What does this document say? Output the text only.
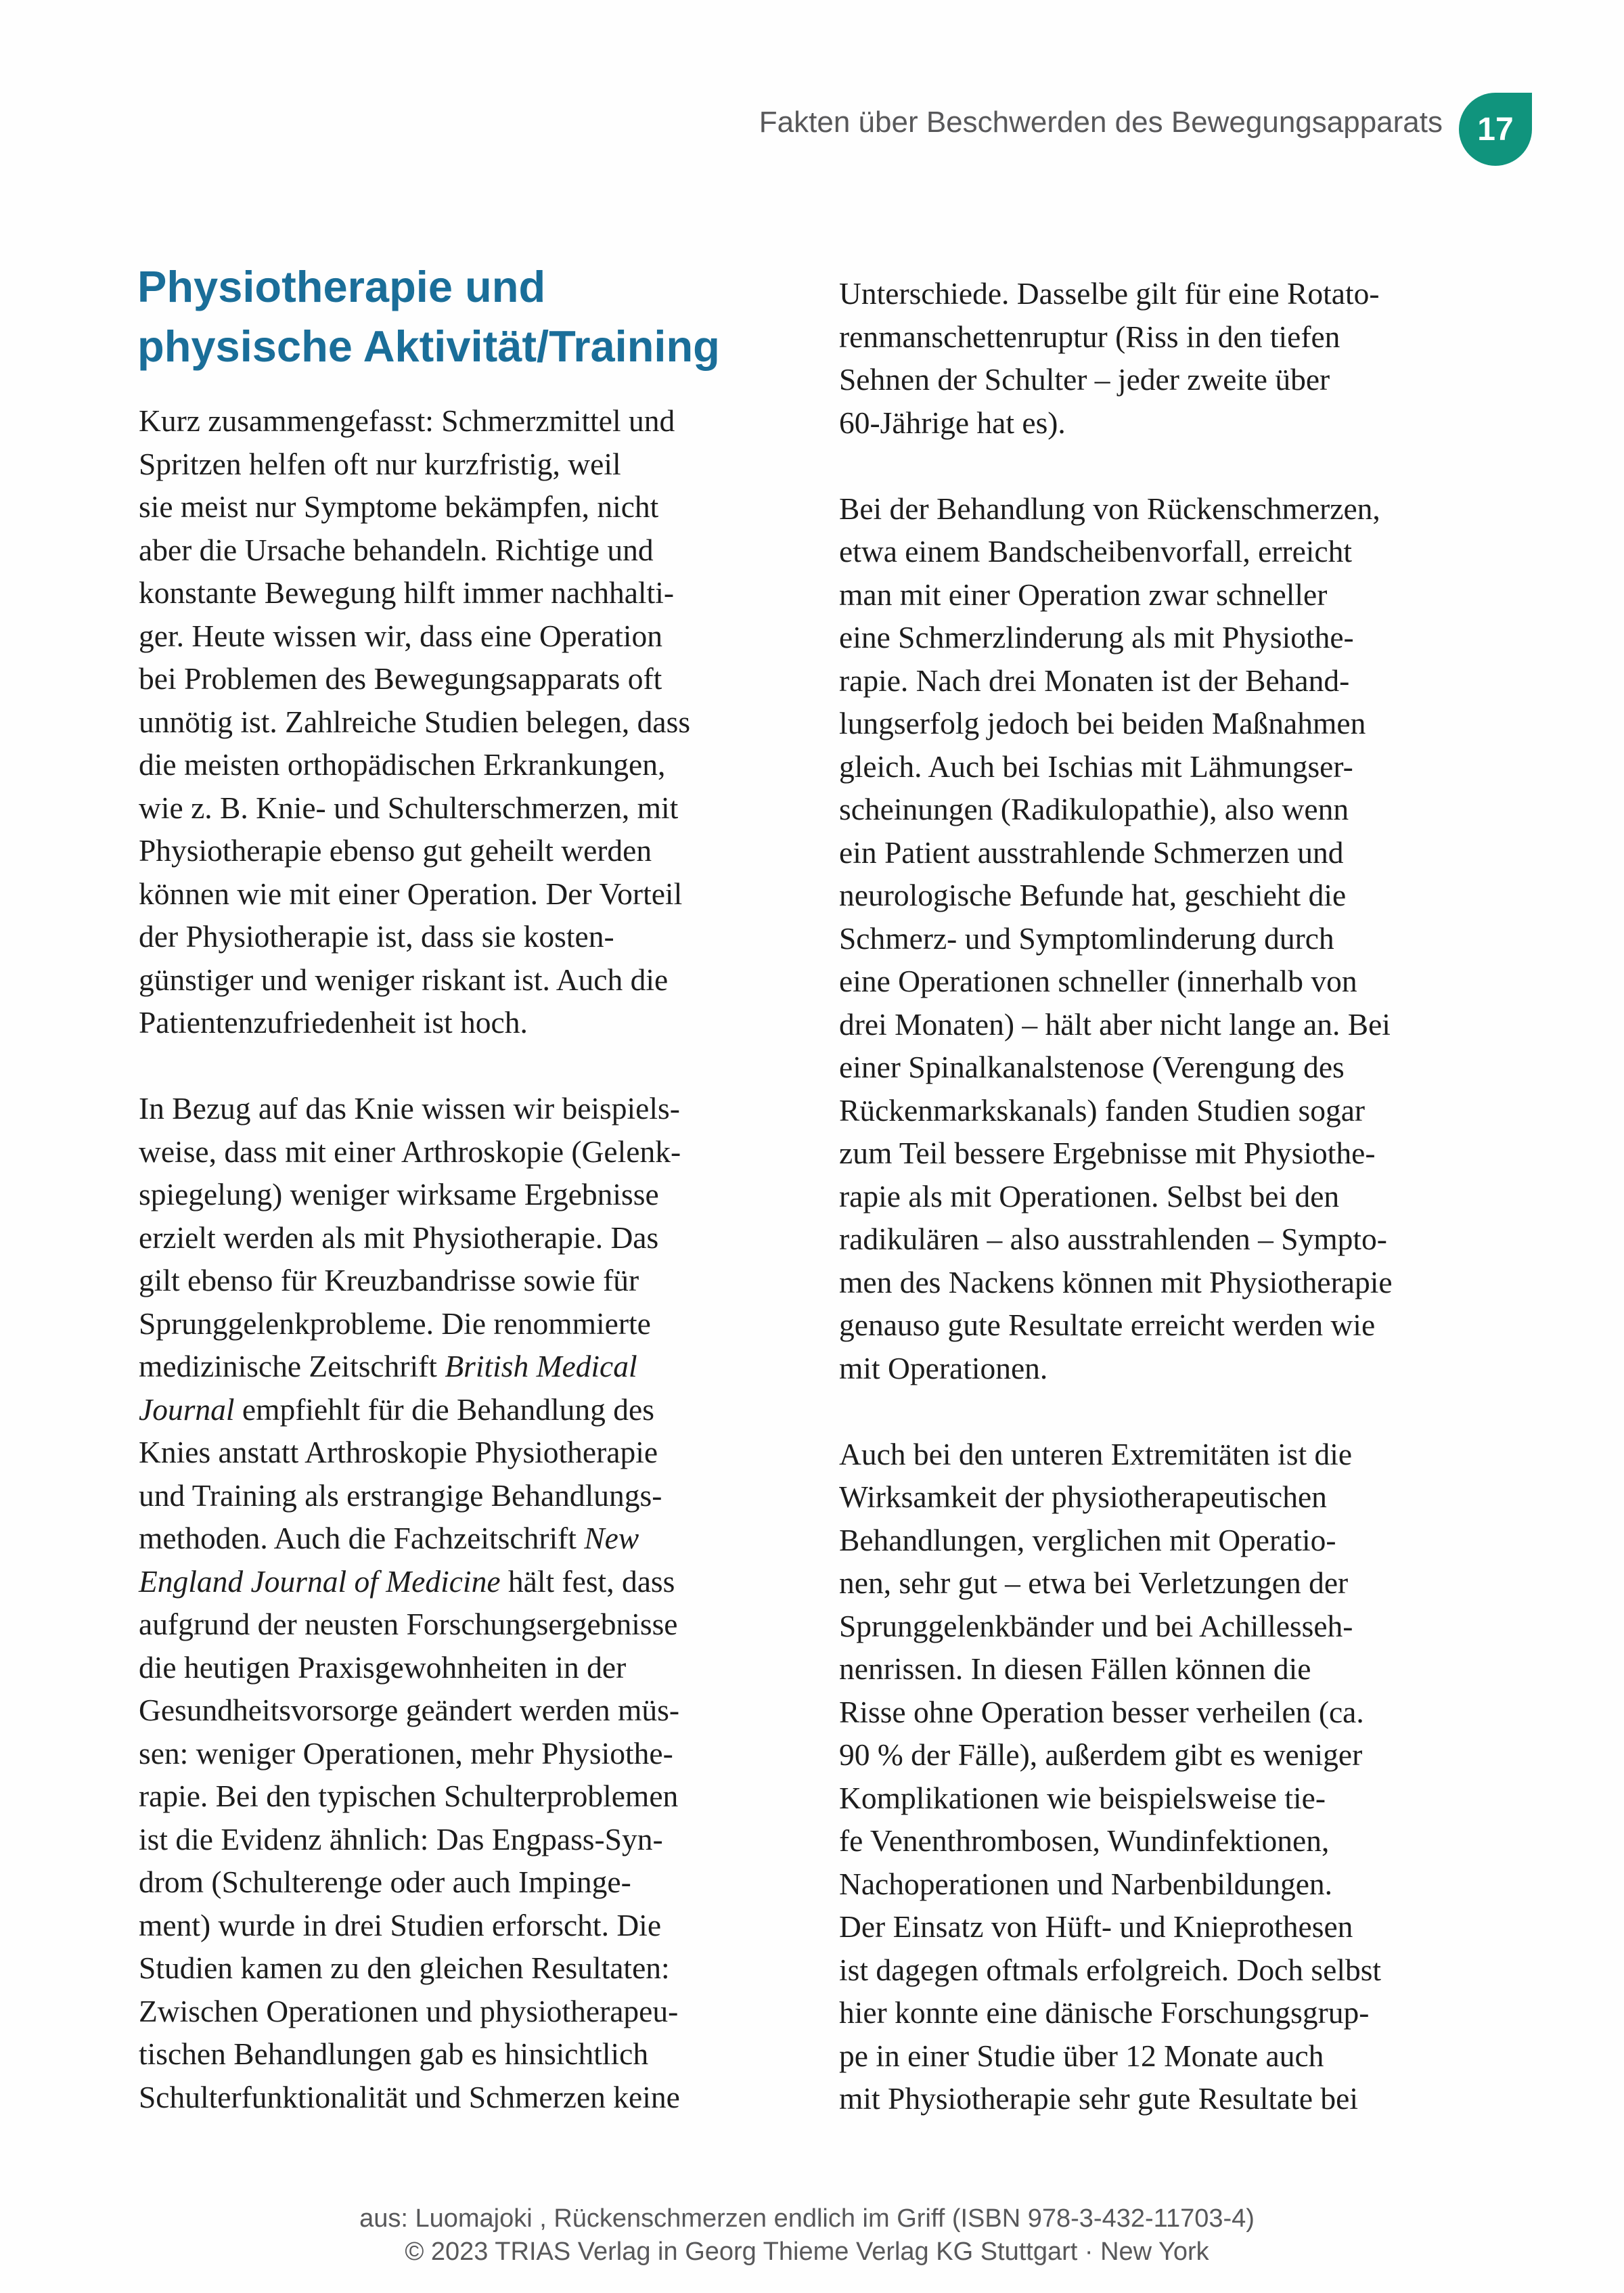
Fakten über Beschwerden des Bewegungsapparats 17
Physiotherapie und
physische Aktivität/Training
Kurz zusammengefasst: Schmerzmittel und
Spritzen helfen oft nur kurzfristig, weil
sie meist nur Symptome bekämpfen, nicht
aber die Ursache behandeln. Richtige und
konstante Bewegung hilft immer nachhalti-
ger. Heute wissen wir, dass eine Operation
bei Problemen des Bewegungsapparats oft
unnötig ist. Zahlreiche Studien belegen, dass
die meisten orthopädischen Erkrankungen,
wie z. B. Knie- und Schulterschmerzen, mit
Physiotherapie ebenso gut geheilt werden
können wie mit einer Operation. Der Vorteil
der Physiotherapie ist, dass sie kosten-
günstiger und weniger riskant ist. Auch die
Patientenzufriedenheit ist hoch.
In Bezug auf das Knie wissen wir beispiels-
weise, dass mit einer Arthroskopie (Gelenk-
spiegelung) weniger wirksame Ergebnisse
erzielt werden als mit Physiotherapie. Das
gilt ebenso für Kreuzbandrisse sowie für
Sprunggelenkprobleme. Die renommierte
medizinische Zeitschrift British Medical
Journal empfiehlt für die Behandlung des
Knies anstatt Arthroskopie Physiotherapie
und Training als erstrangige Behandlungs-
methoden. Auch die Fachzeitschrift New
England Journal of Medicine hält fest, dass
aufgrund der neusten Forschungsergebnisse
die heutigen Praxisgewohnheiten in der
Gesundheitsvorsorge geändert werden müs-
sen: weniger Operationen, mehr Physiothe-
rapie. Bei den typischen Schulterproblemen
ist die Evidenz ähnlich: Das Engpass-Syn-
drom (Schulterenge oder auch Impinge-
ment) wurde in drei Studien erforscht. Die
Studien kamen zu den gleichen Resultaten:
Zwischen Operationen und physiotherapeu-
tischen Behandlungen gab es hinsichtlich
Schulterfunktionalität und Schmerzen keine
Unterschiede. Dasselbe gilt für eine Rotato-
renmanschettenruptur (Riss in den tiefen
Sehnen der Schulter – jeder zweite über
60-Jährige hat es).
Bei der Behandlung von Rückenschmerzen,
etwa einem Bandscheibenvorfall, erreicht
man mit einer Operation zwar schneller
eine Schmerzlinderung als mit Physiothe-
rapie. Nach drei Monaten ist der Behand-
lungserfolg jedoch bei beiden Maßnahmen
gleich. Auch bei Ischias mit Lähmungser-
scheinungen (Radikulopathie), also wenn
ein Patient ausstrahlende Schmerzen und
neurologische Befunde hat, geschieht die
Schmerz- und Symptomlinderung durch
eine Operationen schneller (innerhalb von
drei Monaten) – hält aber nicht lange an. Bei
einer Spinalkanalstenose (Verengung des
Rückenmarkskanals) fanden Studien sogar
zum Teil bessere Ergebnisse mit Physiothe-
rapie als mit Operationen. Selbst bei den
radikulären – also ausstrahlenden – Sympto-
men des Nackens können mit Physiotherapie
genauso gute Resultate erreicht werden wie
mit Operationen.
Auch bei den unteren Extremitäten ist die
Wirksamkeit der physiotherapeutischen
Behandlungen, verglichen mit Operatio-
nen, sehr gut – etwa bei Verletzungen der
Sprunggelenkbänder und bei Achillesseh-
nenrissen. In diesen Fällen können die
Risse ohne Operation besser verheilen (ca.
90 % der Fälle), außerdem gibt es weniger
Komplikationen wie beispielsweise tie-
fe Venenthrombosen, Wundinfektionen,
Nachoperationen und Narbenbildungen.
Der Einsatz von Hüft- und Knieprothesen
ist dagegen oftmals erfolgreich. Doch selbst
hier konnte eine dänische Forschungsgrup-
pe in einer Studie über 12 Monate auch
mit Physiotherapie sehr gute Resultate bei
aus: Luomajoki , Rückenschmerzen endlich im Griff (ISBN 978-3-432-11703-4)
© 2023 TRIAS Verlag in Georg Thieme Verlag KG Stuttgart · New York
